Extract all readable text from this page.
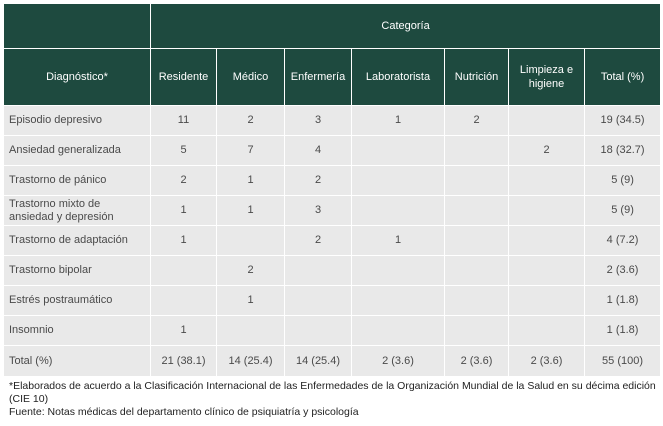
	Categoría						
Diagnóstico*	Residente	Médico	Enfermería	Laboratorista	Nutrición	Limpieza e higiene	Total (%)
Episodio depresivo	11	2	3	1	2		19 (34.5)
Ansiedad generalizada	5	7	4			2	18 (32.7)
Trastorno de pánico	2	1	2				5 (9)
Trastorno mixto de ansiedad y depresión	1	1	3				5 (9)
Trastorno de adaptación	1		2	1			4 (7.2)
Trastorno bipolar		2					2 (3.6)
Estrés postraumático		1					1 (1.8)
Insomnio	1						1 (1.8)
Total (%)	21 (38.1)	14 (25.4)	14 (25.4)	2 (3.6)	2 (3.6)	2 (3.6)	55 (100)
*Elaborados de acuerdo a la Clasificación Internacional de las Enfermedades de la Organización Mundial de la Salud en su décima edición (CIE 10)
Fuente: Notas médicas del departamento clínico de psiquiatría y psicología
